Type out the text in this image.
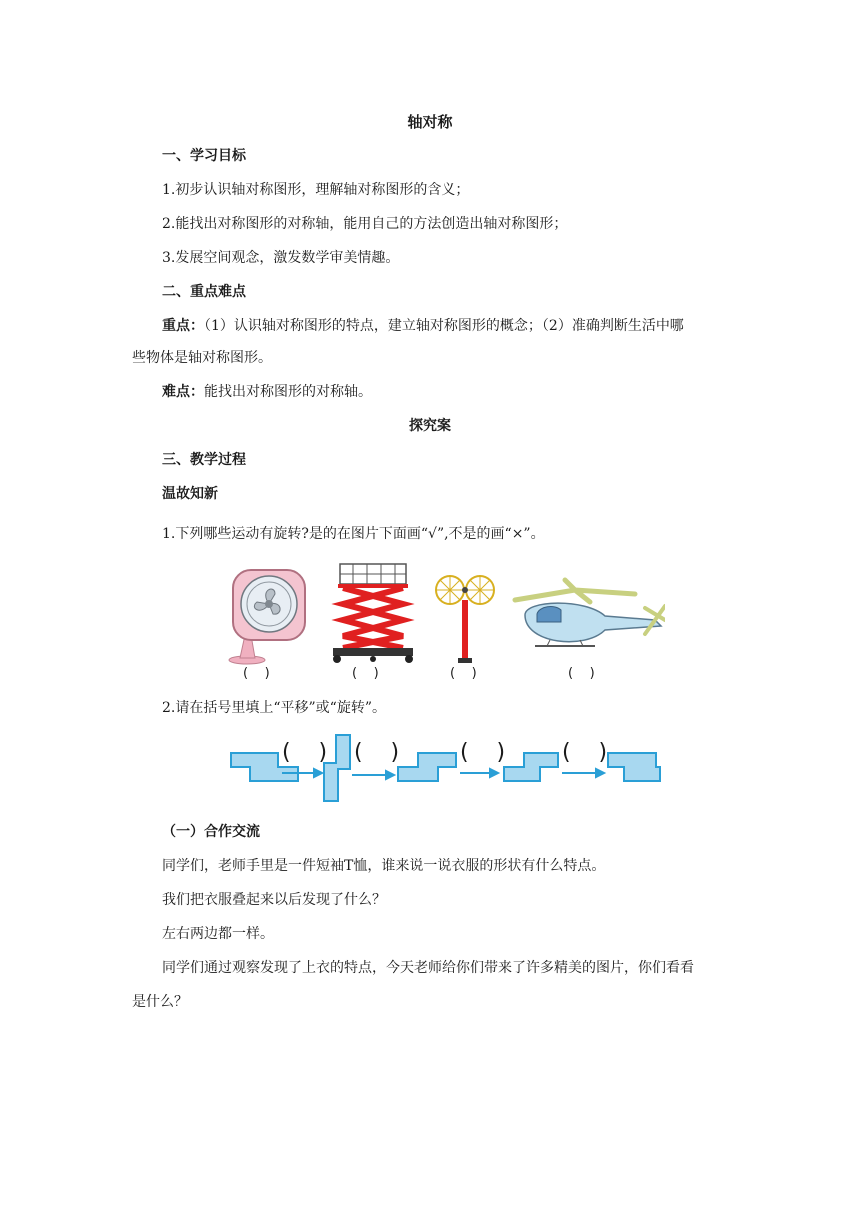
轴对称
一、学习目标
1.初步认识轴对称图形，理解轴对称图形的含义；
2.能找出对称图形的对称轴，能用自己的方法创造出轴对称图形；
3.发展空间观念，激发数学审美情趣。
二、重点难点
重点：（1）认识轴对称图形的特点，建立轴对称图形的概念；（2）准确判断生活中哪
些物体是轴对称图形。
难点：能找出对称图形的对称轴。
探究案
三、教学过程
温故知新
1.下列哪些运动有旋转?是的在图片下面画“√”,不是的画“×”。
(    )	(    )	(    )	(    )
2.请在括号里填上“平移”或“旋转”。
(    ) (    )	(    )	(    )
（一）合作交流
同学们，老师手里是一件短袖T恤，谁来说一说衣服的形状有什么特点。
我们把衣服叠起来以后发现了什么？
左右两边都一样。
同学们通过观察发现了上衣的特点，今天老师给你们带来了许多精美的图片，你们看看
是什么？
